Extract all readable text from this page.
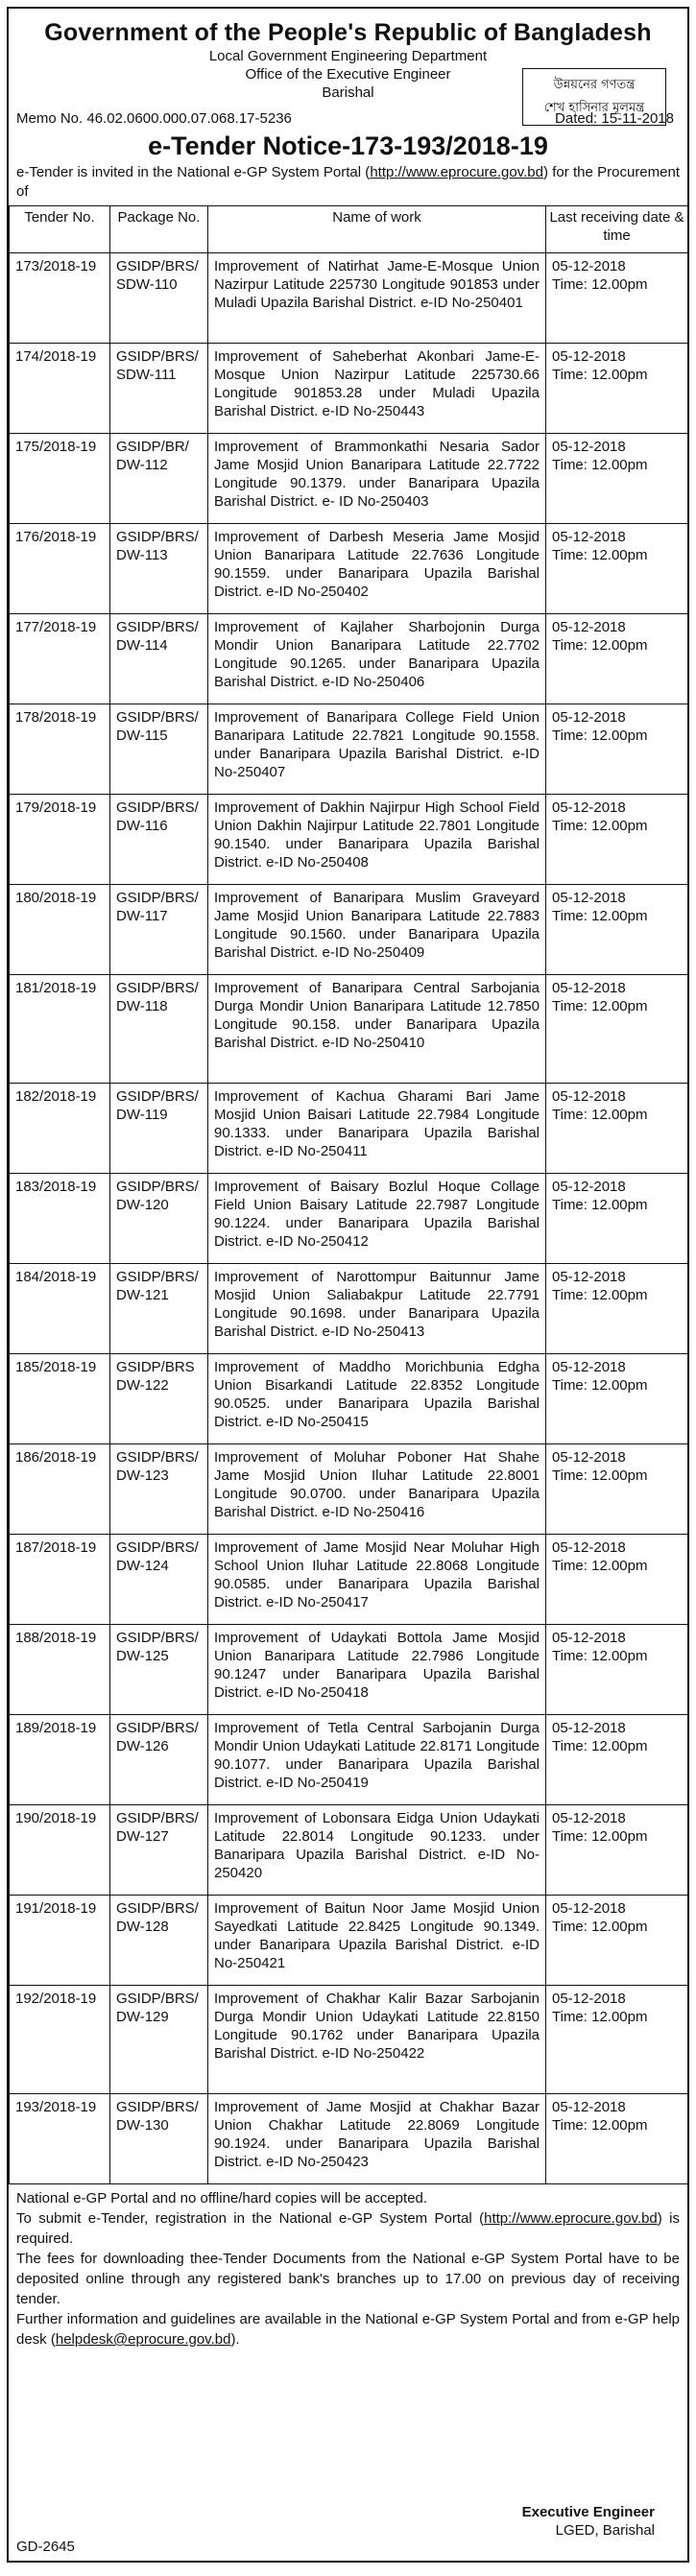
Government of the People's Republic of Bangladesh
Local Government Engineering Department
Office of the Executive Engineer
Barishal	উন্নয়নের গণতন্ত্র
শেখ হাসিনার মূলমন্ত্র
Memo No. 46.02.0600.000.07.068.17-5236	Dated: 15-11-2018
e-Tender Notice-173-193/2018-19
e-Tender is invited in the National e-GP System Portal (http://www.eprocure.gov.bd) for the Procurement of
Tender No.	Package No.	Name of work	Last receiving date & time
173/2018-19	GSIDP/BRS/ SDW-110	Improvement of Natirhat Jame-E-Mosque Union Nazirpur Latitude 225730 Longitude 901853 under Muladi Upazila Barishal District. e-ID No-250401	05-12-2018
Time: 12.00pm

174/2018-19	GSIDP/BRS/ SDW-111	Improvement of Saheberhat Akonbari Jame-E-Mosque Union Nazirpur Latitude 225730.66 Longitude 901853.28 under Muladi Upazila Barishal District. e-ID No-250443	05-12-2018
Time: 12.00pm

175/2018-19	GSIDP/BR/ DW-112	Improvement of Brammonkathi Nesaria Sador Jame Mosjid Union Banaripara Latitude 22.7722 Longitude 90.1379. under Banaripara Upazila Barishal District. e- ID No-250403	05-12-2018
Time: 12.00pm

176/2018-19	GSIDP/BRS/ DW-113	Improvement of Darbesh Meseria Jame Mosjid Union Banaripara Latitude 22.7636 Longitude 90.1559. under Banaripara Upazila Barishal District. e-ID No-250402	05-12-2018
Time: 12.00pm

177/2018-19	GSIDP/BRS/ DW-114	Improvement of Kajlaher Sharbojonin Durga Mondir Union Banaripara Latitude 22.7702 Longitude 90.1265. under Banaripara Upazila Barishal District. e-ID No-250406	05-12-2018
Time: 12.00pm

178/2018-19	GSIDP/BRS/ DW-115	Improvement of Banaripara College Field Union Banaripara Latitude 22.7821 Longitude 90.1558. under Banaripara Upazila Barishal District. e-ID No-250407	05-12-2018
Time: 12.00pm

179/2018-19	GSIDP/BRS/ DW-116	Improvement of Dakhin Najirpur High School Field Union Dakhin Najirpur Latitude 22.7801 Longitude 90.1540. under Banaripara Upazila Barishal District. e-ID No-250408	05-12-2018
Time: 12.00pm

180/2018-19	GSIDP/BRS/ DW-117	Improvement of Banaripara Muslim Graveyard Jame Mosjid Union Banaripara Latitude 22.7883 Longitude 90.1560. under Banaripara Upazila Barishal District. e-ID No-250409	05-12-2018
Time: 12.00pm

181/2018-19	GSIDP/BRS/ DW-118	Improvement of Banaripara Central Sarbojania Durga Mondir Union Banaripara Latitude 12.7850 Longitude 90.158. under Banaripara Upazila Barishal District. e-ID No-250410	05-12-2018
Time: 12.00pm

182/2018-19	GSIDP/BRS/ DW-119	Improvement of Kachua Gharami Bari Jame Mosjid Union Baisari Latitude 22.7984 Longitude 90.1333. under Banaripara Upazila Barishal District. e-ID No-250411	05-12-2018
Time: 12.00pm

183/2018-19	GSIDP/BRS/ DW-120	Improvement of Baisary Bozlul Hoque Collage Field Union Baisary Latitude 22.7987 Longitude 90.1224. under Banaripara Upazila Barishal District. e-ID No-250412	05-12-2018
Time: 12.00pm

184/2018-19	GSIDP/BRS/ DW-121	Improvement of Narottompur Baitunnur Jame Mosjid Union Saliabakpur Latitude 22.7791 Longitude 90.1698. under Banaripara Upazila Barishal District. e-ID No-250413	05-12-2018
Time: 12.00pm

185/2018-19	GSIDP/BRS DW-122	Improvement of Maddho Morichbunia Edgha Union Bisarkandi Latitude 22.8352 Longitude 90.0525. under Banaripara Upazila Barishal District. e-ID No-250415	05-12-2018
Time: 12.00pm

186/2018-19	GSIDP/BRS/ DW-123	Improvement of Moluhar Poboner Hat Shahe Jame Mosjid Union Iluhar Latitude 22.8001 Longitude 90.0700. under Banaripara Upazila Barishal District. e-ID No-250416	05-12-2018
Time: 12.00pm

187/2018-19	GSIDP/BRS/ DW-124	Improvement of Jame Mosjid Near Moluhar High School Union Iluhar Latitude 22.8068 Longitude 90.0585. under Banaripara Upazila Barishal District. e-ID No-250417	05-12-2018
Time: 12.00pm

188/2018-19	GSIDP/BRS/ DW-125	Improvement of Udaykati Bottola Jame Mosjid Union Banaripara Latitude 22.7986 Longitude 90.1247 under Banaripara Upazila Barishal District. e-ID No-250418	05-12-2018
Time: 12.00pm

189/2018-19	GSIDP/BRS/ DW-126	Improvement of Tetla Central Sarbojanin Durga Mondir Union Udaykati Latitude 22.8171 Longitude 90.1077. under Banaripara Upazila Barishal District. e-ID No-250419	05-12-2018
Time: 12.00pm

190/2018-19	GSIDP/BRS/ DW-127	Improvement of Lobonsara Eidga Union Udaykati Latitude 22.8014 Longitude 90.1233. under Banaripara Upazila Barishal District. e-ID No-250420	05-12-2018
Time: 12.00pm

191/2018-19	GSIDP/BRS/ DW-128	Improvement of Baitun Noor Jame Mosjid Union Sayedkati Latitude 22.8425 Longitude 90.1349. under Banaripara Upazila Barishal District. e-ID No-250421	05-12-2018
Time: 12.00pm

192/2018-19	GSIDP/BRS/ DW-129	Improvement of Chakhar Kalir Bazar Sarbojanin Durga Mondir Union Udaykati Latitude 22.8150 Longitude 90.1762 under Banaripara Upazila Barishal District. e-ID No-250422	05-12-2018
Time: 12.00pm

193/2018-19	GSIDP/BRS/ DW-130	Improvement of Jame Mosjid at Chakhar Bazar Union Chakhar Latitude 22.8069 Longitude 90.1924. under Banaripara Upazila Barishal District. e-ID No-250423	05-12-2018
Time: 12.00pm

National e-GP Portal and no offline/hard copies will be accepted.

To submit e-Tender, registration in the National e-GP System Portal (http://www.eprocure.gov.bd) is required.

The fees for downloading thee-Tender Documents from the National e-GP System Portal have to be deposited online through any registered bank's branches up to 17.00 on previous day of receiving tender.

Further information and guidelines are available in the National e-GP System Portal and from e-GP help desk (helpdesk@eprocure.gov.bd).

Executive Engineer
LGED, Barishal
GD-2645
